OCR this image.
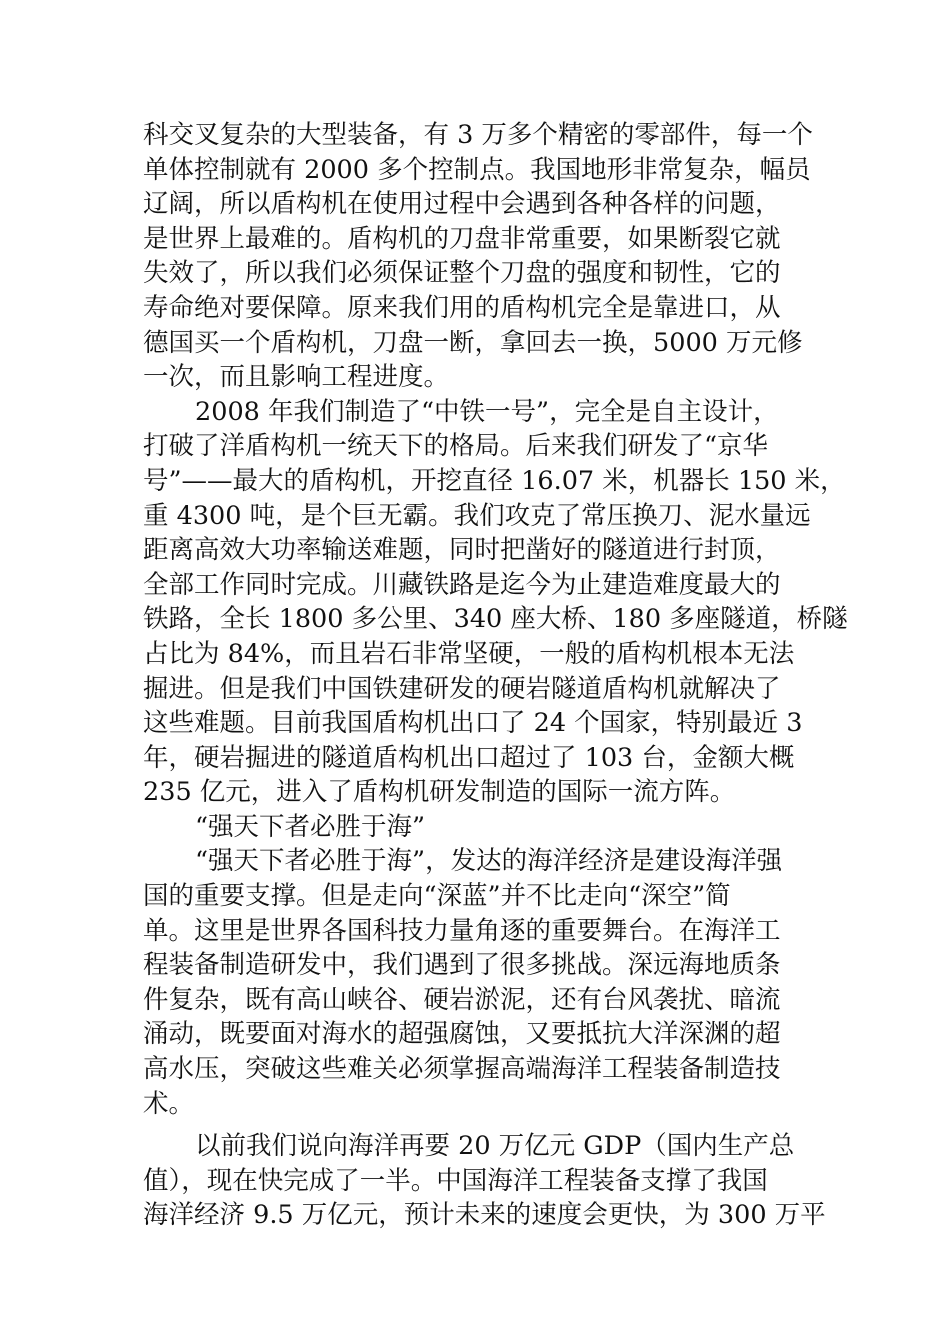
科交叉复杂的大型装备，有 3 万多个精密的零部件，每一个
单体控制就有 2000 多个控制点。我国地形非常复杂，幅员
辽阔，所以盾构机在使用过程中会遇到各种各样的问题，
是世界上最难的。盾构机的刀盘非常重要，如果断裂它就
失效了，所以我们必须保证整个刀盘的强度和韧性，它的
寿命绝对要保障。原来我们用的盾构机完全是靠进口，从
德国买一个盾构机，刀盘一断，拿回去一换，5000 万元修
一次，而且影响工程进度。
2008 年我们制造了“中铁一号”，完全是自主设计，
打破了洋盾构机一统天下的格局。后来我们研发了“京华
号”——最大的盾构机，开挖直径 16.07 米，机器长 150 米，
重 4300 吨，是个巨无霸。我们攻克了常压换刀、泥水量远
距离高效大功率输送难题，同时把凿好的隧道进行封顶，
全部工作同时完成。川藏铁路是迄今为止建造难度最大的
铁路，全长 1800 多公里、340 座大桥、180 多座隧道，桥隧
占比为 84%，而且岩石非常坚硬，一般的盾构机根本无法
掘进。但是我们中国铁建研发的硬岩隧道盾构机就解决了
这些难题。目前我国盾构机出口了 24 个国家，特别最近 3
年，硬岩掘进的隧道盾构机出口超过了 103 台，金额大概
235 亿元，进入了盾构机研发制造的国际一流方阵。
“强天下者必胜于海”
“强天下者必胜于海”，发达的海洋经济是建设海洋强
国的重要支撑。但是走向“深蓝”并不比走向“深空”简
单。这里是世界各国科技力量角逐的重要舞台。在海洋工
程装备制造研发中，我们遇到了很多挑战。深远海地质条
件复杂，既有高山峡谷、硬岩淤泥，还有台风袭扰、暗流
涌动，既要面对海水的超强腐蚀，又要抵抗大洋深渊的超
高水压，突破这些难关必须掌握高端海洋工程装备制造技
术。
以前我们说向海洋再要 20 万亿元 GDP（国内生产总
值），现在快完成了一半。中国海洋工程装备支撑了我国
海洋经济 9.5 万亿元，预计未来的速度会更快，为 300 万平
